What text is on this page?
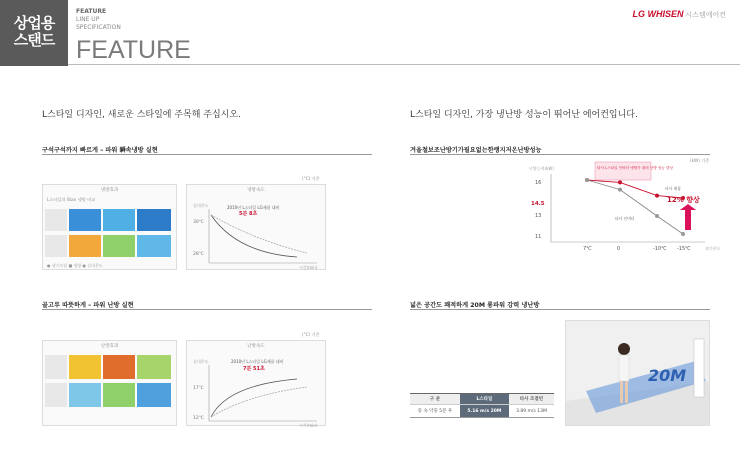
상업용
스탠드
FEATURE
LINE UP
SPECIFICATION
FEATURE
LG WHISEN 시스템에어컨
L스타일 디자인, 새로운 스타일에 주목해 주십시오.
구석구석까지 빠르게 – 파워 瞬속냉방 실현
냉방효과
L스타일과 Stan 냉방 비교
● 냉기도달 ■ 냉방 ● 실내온도
냉방속도
실내온도
30℃
28℃
2010년 L스타일 LG제품 대비
5분 8초
시간(min)
(°C) 기준
골고루 따뜻하게 – 파워 난방 실현
난방효과	난방속도
실내온도
17℃
12℃
2010년 L스타일 LG제품 대비
7분 51초
시간(min)
(°C) 기준
L스타일 디자인, 가장 냉난방 성능이 뛰어난 에어컨입니다.
겨울철보조난방기가필요없는한랭지저온난방성능
난방능력(kW)
16
14.5
13
11
7℃	0	-10℃ -15℃	외기온도
타사 L스타일 인버터 냉방가 대비 난방 성능 향상
타사 인버터
타사 제품
12% 향상
(kW) 기준
넓은 공간도 쾌적하게 20M 롱파워 강력 냉난방
구 분	L스타일	타사 조결빈
풍 속 약풍 5분 후	5.16 m/s 20M	3.89 m/s 13M
20M
